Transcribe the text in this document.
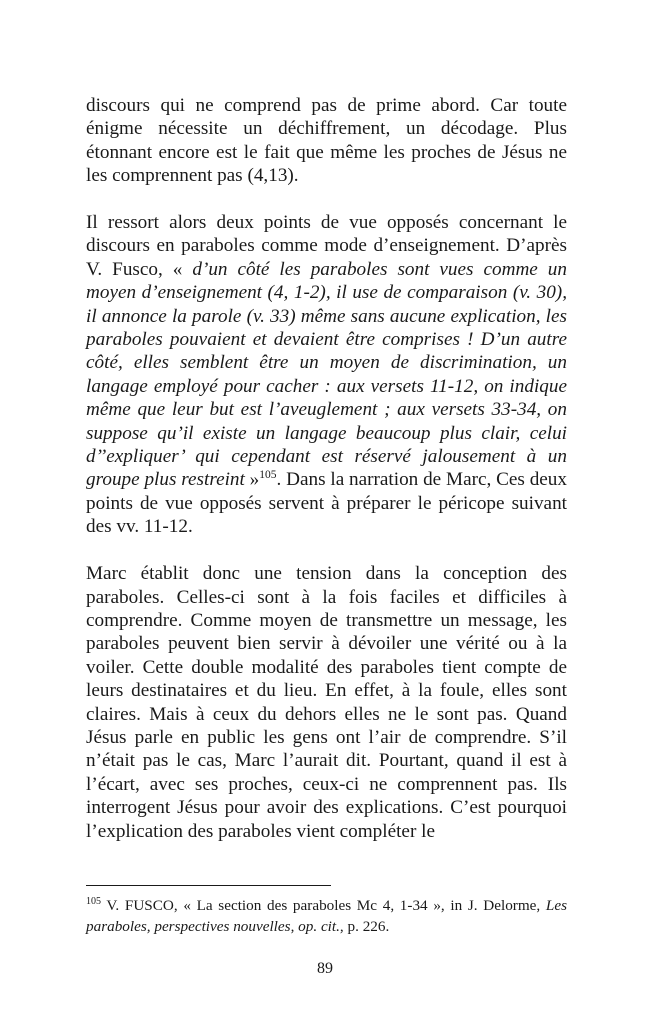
discours qui ne comprend pas de prime abord. Car toute énigme nécessite un déchiffrement, un décodage. Plus étonnant encore est le fait que même les proches de Jésus ne les comprennent pas (4,13).

Il ressort alors deux points de vue opposés concernant le discours en paraboles comme mode d’enseignement. D’après V. Fusco, « d’un côté les paraboles sont vues comme un moyen d’enseignement (4, 1-2), il use de comparaison (v. 30), il annonce la parole (v. 33) même sans aucune explication, les paraboles pouvaient et devaient être comprises ! D’un autre côté, elles semblent être un moyen de discrimination, un langage employé pour cacher : aux versets 11-12, on indique même que leur but est l’aveuglement ; aux versets 33-34, on suppose qu’il existe un langage beaucoup plus clair, celui d’’expliquer’ qui cependant est réservé jalousement à un groupe plus restreint »$^{105}$. Dans la narration de Marc, Ces deux points de vue opposés servent à préparer le péricope suivant des vv. 11-12.

Marc établit donc une tension dans la conception des paraboles. Celles-ci sont à la fois faciles et difficiles à comprendre. Comme moyen de transmettre un message, les paraboles peuvent bien servir à dévoiler une vérité ou à la voiler. Cette double modalité des paraboles tient compte de leurs destinataires et du lieu. En effet, à la foule, elles sont claires. Mais à ceux du dehors elles ne le sont pas. Quand Jésus parle en public les gens ont l’air de comprendre. S’il n’était pas le cas, Marc l’aurait dit. Pourtant, quand il est à l’écart, avec ses proches, ceux-ci ne comprennent pas. Ils interrogent Jésus pour avoir des explications. C’est pourquoi l’explication des paraboles vient compléter le

$^{105}$ V. FUSCO, « La section des paraboles Mc 4, 1-34 », in J. Delorme, Les paraboles, perspectives nouvelles, op. cit., p. 226.
89
